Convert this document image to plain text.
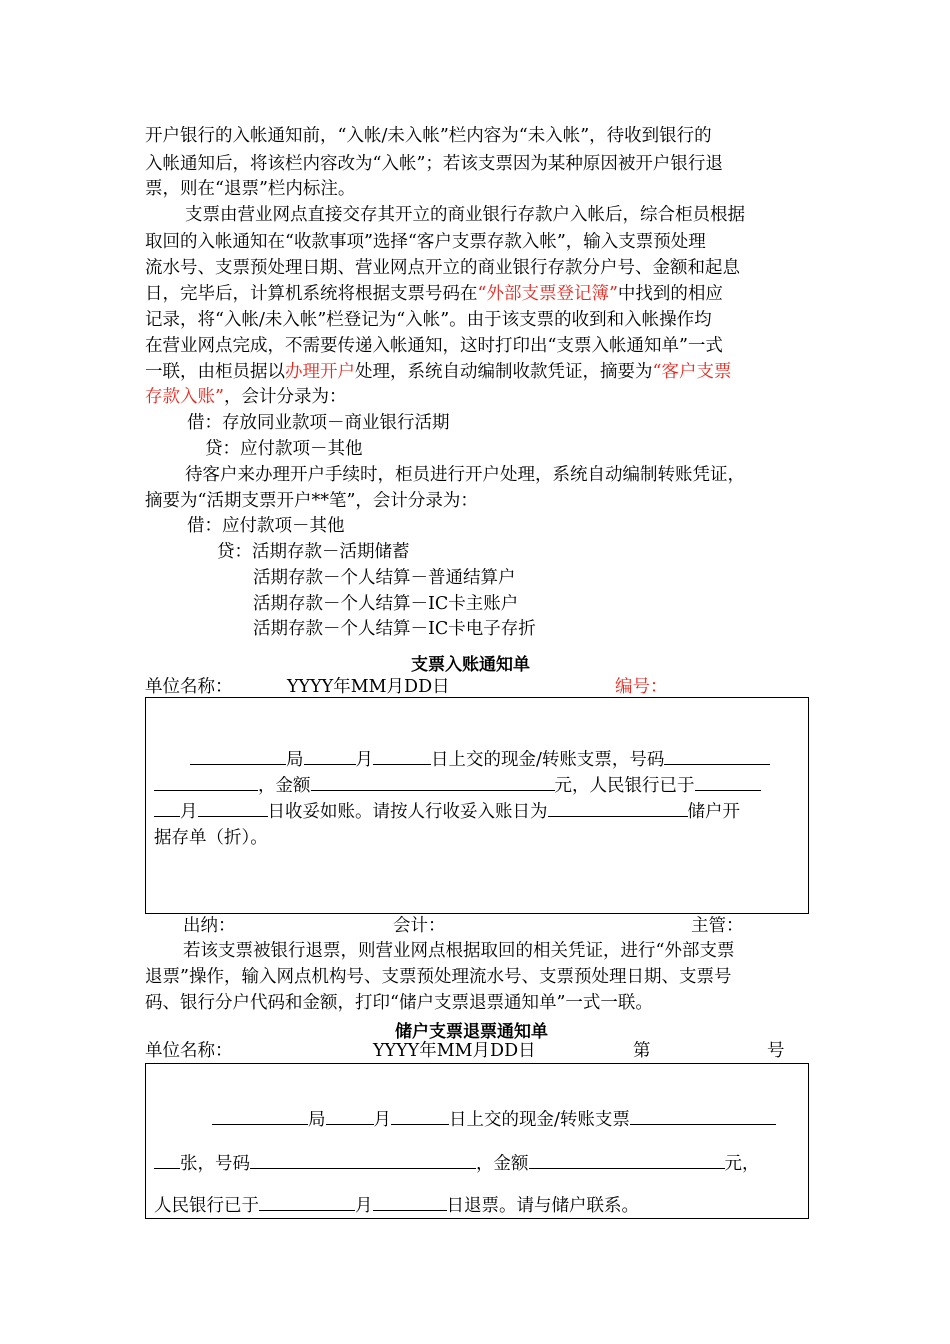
开户银行的入帐通知前，“入帐/未入帐”栏内容为“未入帐”，待收到银行的
入帐通知后，将该栏内容改为“入帐”；若该支票因为某种原因被开户银行退
票，则在“退票”栏内标注。
支票由营业网点直接交存其开立的商业银行存款户入帐后，综合柜员根据
取回的入帐通知在“收款事项”选择“客户支票存款入帐”，输入支票预处理
流水号、支票预处理日期、营业网点开立的商业银行存款分户号、金额和起息
日，完毕后，计算机系统将根据支票号码在“外部支票登记簿”中找到的相应
记录，将“入帐/未入帐”栏登记为“入帐”。由于该支票的收到和入帐操作均
在营业网点完成，不需要传递入帐通知，这时打印出“支票入帐通知单”一式
一联，由柜员据以办理开户处理，系统自动编制收款凭证，摘要为“客户支票
存款入账”，会计分录为：
借：存放同业款项－商业银行活期
贷：应付款项－其他
待客户来办理开户手续时，柜员进行开户处理，系统自动编制转账凭证，
摘要为“活期支票开户**笔”，会计分录为：
借：应付款项－其他
贷：活期存款－活期储蓄
活期存款－个人结算－普通结算户
活期存款－个人结算－IC卡主账户
活期存款－个人结算－IC卡电子存折
支票入账通知单
单位名称：	YYYY年MM月DD日	编号：
局	月	日上交的现金/转账支票，号码
，金额	元，人民银行已于
月	日收妥如账。请按人行收妥入账日为	储户开
据存单（折）。
出纳：	会计：	主管：
若该支票被银行退票，则营业网点根据取回的相关凭证，进行“外部支票
退票”操作，输入网点机构号、支票预处理流水号、支票预处理日期、支票号
码、银行分户代码和金额，打印“储户支票退票通知单”一式一联。
储户支票退票通知单
单位名称：	YYYY年MM月DD日	第	号
局	月	日上交的现金/转账支票
张，号码	，金额	元，
人民银行已于	月	日退票。请与储户联系。
